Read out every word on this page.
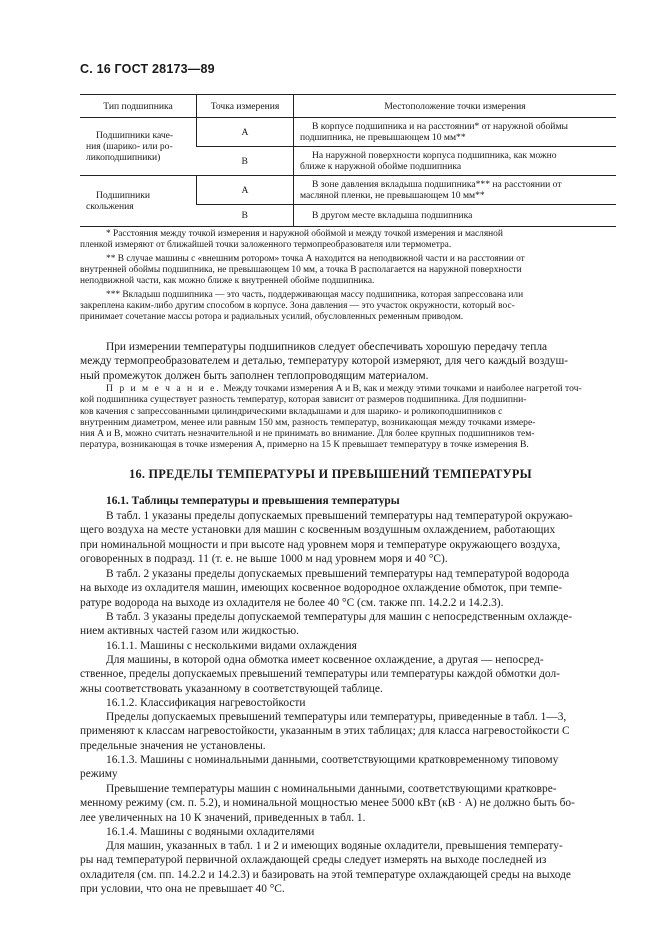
С. 16 ГОСТ 28173—89
Тип подшипника	Точка измерения	Местоположение точки измерения

Подшипники каче-
ния (шарико- или ро-
ликоподшипники)	А	В корпусе подшипника и на расстоянии* от наружной обоймы
подшипника, не превышающем 10 мм**
	В	На наружной поверхности корпуса подшипника, как можно
ближе к наружной обойме подшипника

Подшипники
скольжения	А	В зоне давления вкладыша подшипника*** на расстоянии от
масляной пленки, не превышающем 10 мм**
	В	В другом месте вкладыша подшипника
* Расстояния между точкой измерения и наружной обоймой и между точкой измерения и масляной
пленкой измеряют от ближайшей точки заложенного термопреобразователя или термометра.
** В случае машины с «внешним ротором» точка А находится на неподвижной части и на расстоянии от
внутренней обоймы подшипника, не превышающем 10 мм, а точка В располагается на наружной поверхности
неподвижной части, как можно ближе к внутренней обойме подшипника.
*** Вкладыш подшипника — это часть, поддерживающая массу подшипника, которая запрессована или
закреплена каким-либо другим способом в корпусе. Зона давления — это участок окружности, который вос-
принимает сочетание массы ротора и радиальных усилий, обусловленных ременным приводом.
При измерении температуры подшипников следует обеспечивать хорошую передачу тепла
между термопреобразователем и деталью, температуру которой измеряют, для чего каждый воздуш-
ный промежуток должен быть заполнен теплопроводящим материалом.
П р и м е ч а н и е. Между точками измерения А и В, как и между этими точками и наиболее нагретой точ-
кой подшипника существует разность температур, которая зависит от размеров подшипника. Для подшипни-
ков качения с запрессованными цилиндрическими вкладышами и для шарико- и роликоподшипников с
внутренним диаметром, менее или равным 150 мм, разность температур, возникающая между точками измере-
ния А и В, можно считать незначительной и не принимать во внимание. Для более крупных подшипников тем-
пература, возникающая в точке измерения А, примерно на 15 К превышает температуру в точке измерения В.
16. ПРЕДЕЛЫ ТЕМПЕРАТУРЫ И ПРЕВЫШЕНИЙ ТЕМПЕРАТУРЫ
16.1. Таблицы температуры и превышения температуры
В табл. 1 указаны пределы допускаемых превышений температуры над температурой окружаю-
щего воздуха на месте установки для машин с косвенным воздушным охлаждением, работающих
при номинальной мощности и при высоте над уровнем моря и температуре окружающего воздуха,
оговоренных в подразд. 11 (т. е. не выше 1000 м над уровнем моря и 40 °С).
В табл. 2 указаны пределы допускаемых превышений температуры над температурой водорода
на выходе из охладителя машин, имеющих косвенное водородное охлаждение обмоток, при темпе-
ратуре водорода на выходе из охладителя не более 40 °С (см. также пп. 14.2.2 и 14.2.3).
В табл. 3 указаны пределы допускаемой температуры для машин с непосредственным охлажде-
нием активных частей газом или жидкостью.
16.1.1. Машины с несколькими видами охлаждения
Для машины, в которой одна обмотка имеет косвенное охлаждение, а другая — непосред-
ственное, пределы допускаемых превышений температуры или температуры каждой обмотки дол-
жны соответствовать указанному в соответствующей таблице.
16.1.2. Классификация нагревостойкости
Пределы допускаемых превышений температуры или температуры, приведенные в табл. 1—3,
применяют к классам нагревостойкости, указанным в этих таблицах; для класса нагревостойкости С
предельные значения не установлены.
16.1.3. Машины с номинальными данными, соответствующими кратковременному типовому
режиму
Превышение температуры машин с номинальными данными, соответствующими кратковре-
менному режиму (см. п. 5.2), и номинальной мощностью менее 5000 кВт (кВ · А) не должно быть бо-
лее увеличенных на 10 К значений, приведенных в табл. 1.
16.1.4. Машины с водяными охладителями
Для машин, указанных в табл. 1 и 2 и имеющих водяные охладители, превышения температу-
ры над температурой первичной охлаждающей среды следует измерять на выходе последней из
охладителя (см. пп. 14.2.2 и 14.2.3) и базировать на этой температуре охлаждающей среды на выходе
при условии, что она не превышает 40 °С.
